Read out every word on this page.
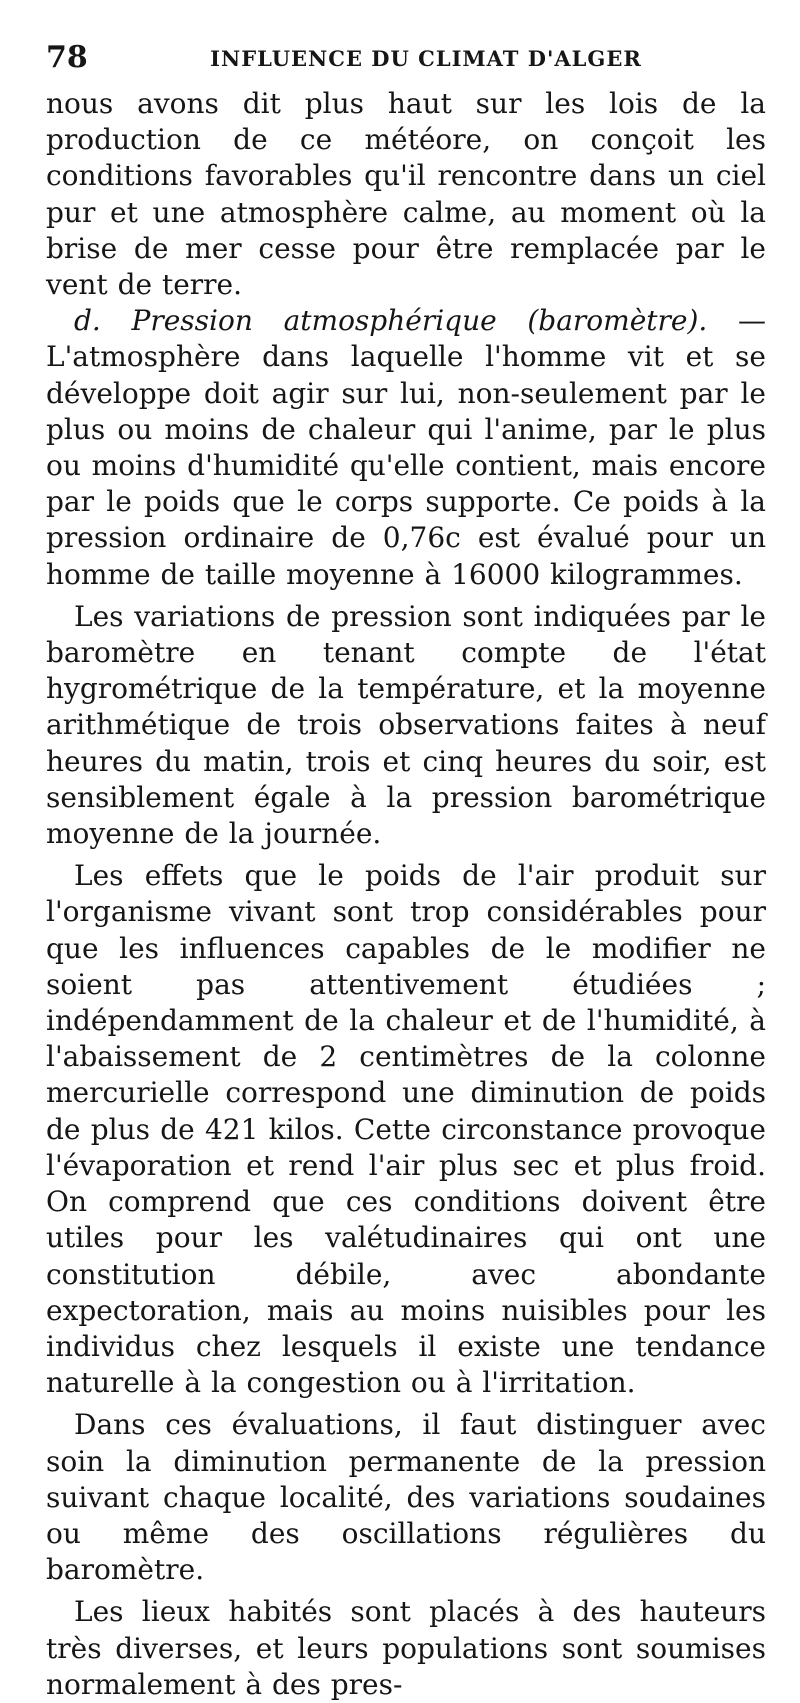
78	INFLUENCE DU CLIMAT D'ALGER

nous avons dit plus haut sur les lois de la production de ce météore, on conçoit les conditions favorables qu'il rencontre dans un ciel pur et une atmosphère calme, au moment où la brise de mer cesse pour être remplacée par le vent de terre.

d. Pression atmosphérique (baromètre). — L'atmosphère dans laquelle l'homme vit et se développe doit agir sur lui, non-seulement par le plus ou moins de chaleur qui l'anime, par le plus ou moins d'humidité qu'elle contient, mais encore par le poids que le corps supporte. Ce poids à la pression ordinaire de 0,76c est évalué pour un homme de taille moyenne à 16000 kilogrammes.

Les variations de pression sont indiquées par le baromètre en tenant compte de l'état hygrométrique de la température, et la moyenne arithmétique de trois observations faites à neuf heures du matin, trois et cinq heures du soir, est sensiblement égale à la pression barométrique moyenne de la journée.

Les effets que le poids de l'air produit sur l'organisme vivant sont trop considérables pour que les influences capables de le modifier ne soient pas attentivement étudiées ; indépendamment de la chaleur et de l'humidité, à l'abaissement de 2 centimètres de la colonne mercurielle correspond une diminution de poids de plus de 421 kilos. Cette circonstance provoque l'évaporation et rend l'air plus sec et plus froid. On comprend que ces conditions doivent être utiles pour les valétudinaires qui ont une constitution débile, avec abondante expectoration, mais au moins nuisibles pour les individus chez lesquels il existe une tendance naturelle à la congestion ou à l'irritation.

Dans ces évaluations, il faut distinguer avec soin la diminution permanente de la pression suivant chaque localité, des variations soudaines ou même des oscillations régulières du baromètre.

Les lieux habités sont placés à des hauteurs très diverses, et leurs populations sont soumises normalement à des pres-
